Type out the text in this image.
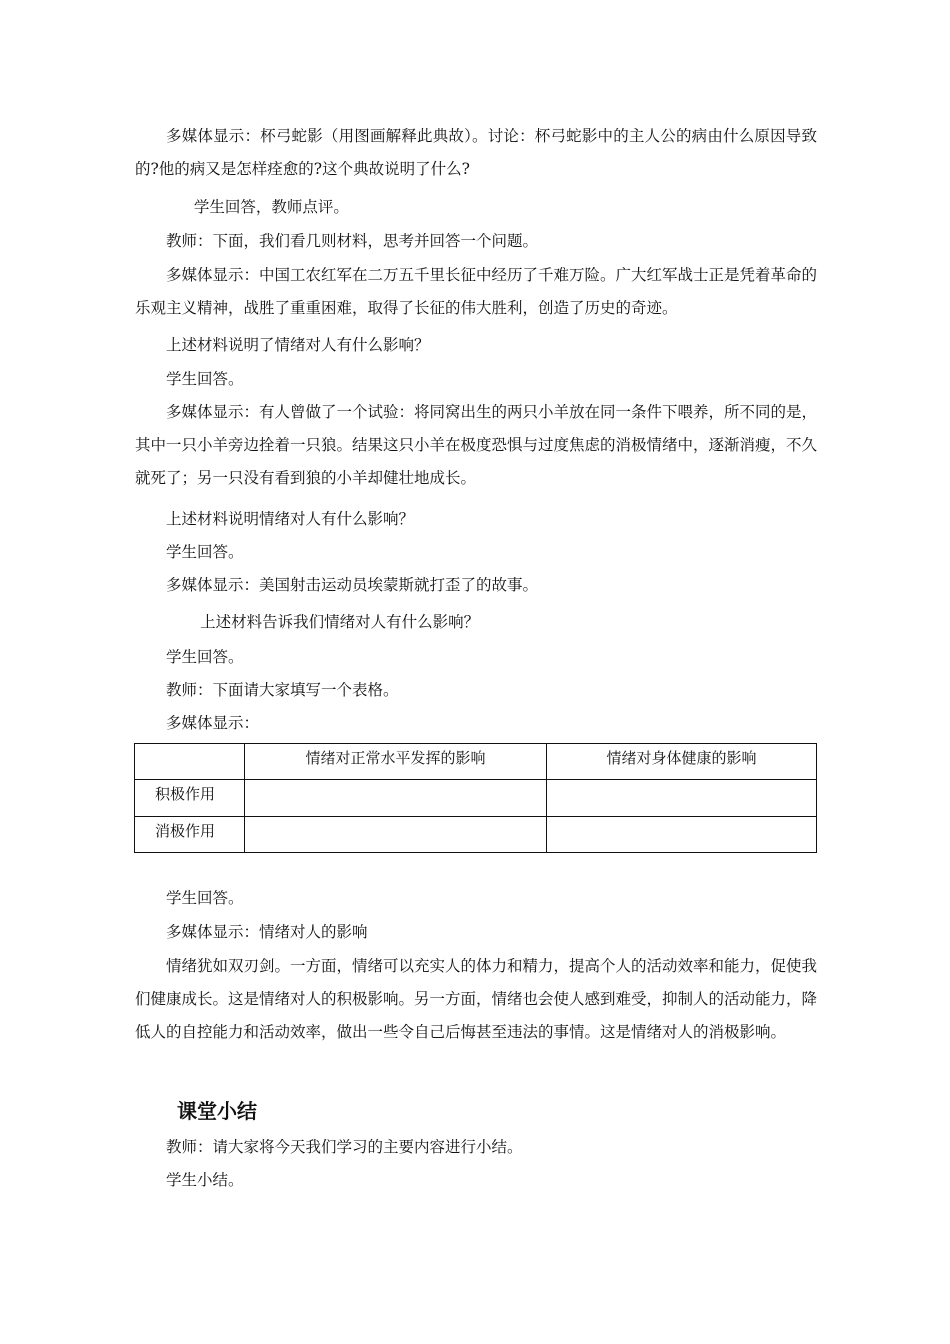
多媒体显示：杯弓蛇影（用图画解释此典故）。讨论：杯弓蛇影中的主人公的病由什么原因导致的?他的病又是怎样痊愈的?这个典故说明了什么?

学生回答，教师点评。

教师：下面，我们看几则材料，思考并回答一个问题。

多媒体显示：中国工农红军在二万五千里长征中经历了千难万险。广大红军战士正是凭着革命的乐观主义精神，战胜了重重困难，取得了长征的伟大胜利，创造了历史的奇迹。

上述材料说明了情绪对人有什么影响？

学生回答。

多媒体显示：有人曾做了一个试验：将同窝出生的两只小羊放在同一条件下喂养，所不同的是，其中一只小羊旁边拴着一只狼。结果这只小羊在极度恐惧与过度焦虑的消极情绪中，逐渐消瘦，不久就死了；另一只没有看到狼的小羊却健壮地成长。

上述材料说明情绪对人有什么影响？

学生回答。

多媒体显示：美国射击运动员埃蒙斯就打歪了的故事。

上述材料告诉我们情绪对人有什么影响？

学生回答。

教师：下面请大家填写一个表格。

多媒体显示：

	情绪对正常水平发挥的影响	情绪对身体健康的影响
积极作用		
消极作用		

学生回答。

多媒体显示：情绪对人的影响

情绪犹如双刃剑。一方面，情绪可以充实人的体力和精力，提高个人的活动效率和能力，促使我们健康成长。这是情绪对人的积极影响。另一方面，情绪也会使人感到难受，抑制人的活动能力，降低人的自控能力和活动效率，做出一些令自己后悔甚至违法的事情。这是情绪对人的消极影响。

课堂小结

教师：请大家将今天我们学习的主要内容进行小结。

学生小结。
